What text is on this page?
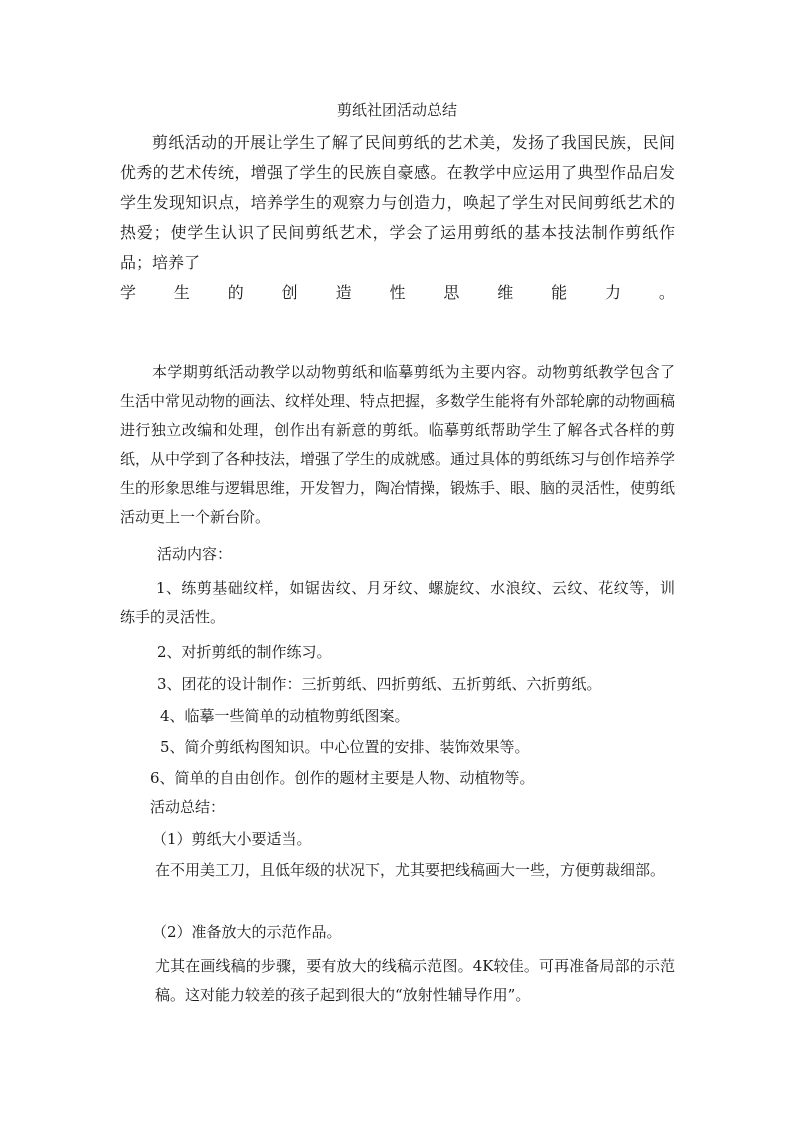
剪纸社团活动总结
剪纸活动的开展让学生了解了民间剪纸的艺术美，发扬了我国民族，民间优秀的艺术传统，增强了学生的民族自豪感。在教学中应运用了典型作品启发学生发现知识点，培养学生的观察力与创造力，唤起了学生对民间剪纸艺术的热爱；使学生认识了民间剪纸艺术，学会了运用剪纸的基本技法制作剪纸作品；培养了
学 生 的 创 造 性 思 维 能 力 。
本学期剪纸活动教学以动物剪纸和临摹剪纸为主要内容。动物剪纸教学包含了生活中常见动物的画法、纹样处理、特点把握，多数学生能将有外部轮廓的动物画稿进行独立改编和处理，创作出有新意的剪纸。临摹剪纸帮助学生了解各式各样的剪纸，从中学到了各种技法，增强了学生的成就感。通过具体的剪纸练习与创作培养学生的形象思维与逻辑思维，开发智力，陶冶情操，锻炼手、眼、脑的灵活性，使剪纸活动更上一个新台阶。
活动内容：
1、练剪基础纹样，如锯齿纹、月牙纹、螺旋纹、水浪纹、云纹、花纹等，训练手的灵活性。
2、对折剪纸的制作练习。
3、团花的设计制作：三折剪纸、四折剪纸、五折剪纸、六折剪纸。
4、临摹一些简单的动植物剪纸图案。
5、简介剪纸构图知识。中心位置的安排、装饰效果等。
6、简单的自由创作。创作的题材主要是人物、动植物等。
活动总结：
（1）剪纸大小要适当。
在不用美工刀，且低年级的状况下，尤其要把线稿画大一些，方便剪裁细部。
（2）准备放大的示范作品。
尤其在画线稿的步骤，要有放大的线稿示范图。4K较佳。可再准备局部的示范稿。这对能力较差的孩子起到很大的“放射性辅导作用”。
